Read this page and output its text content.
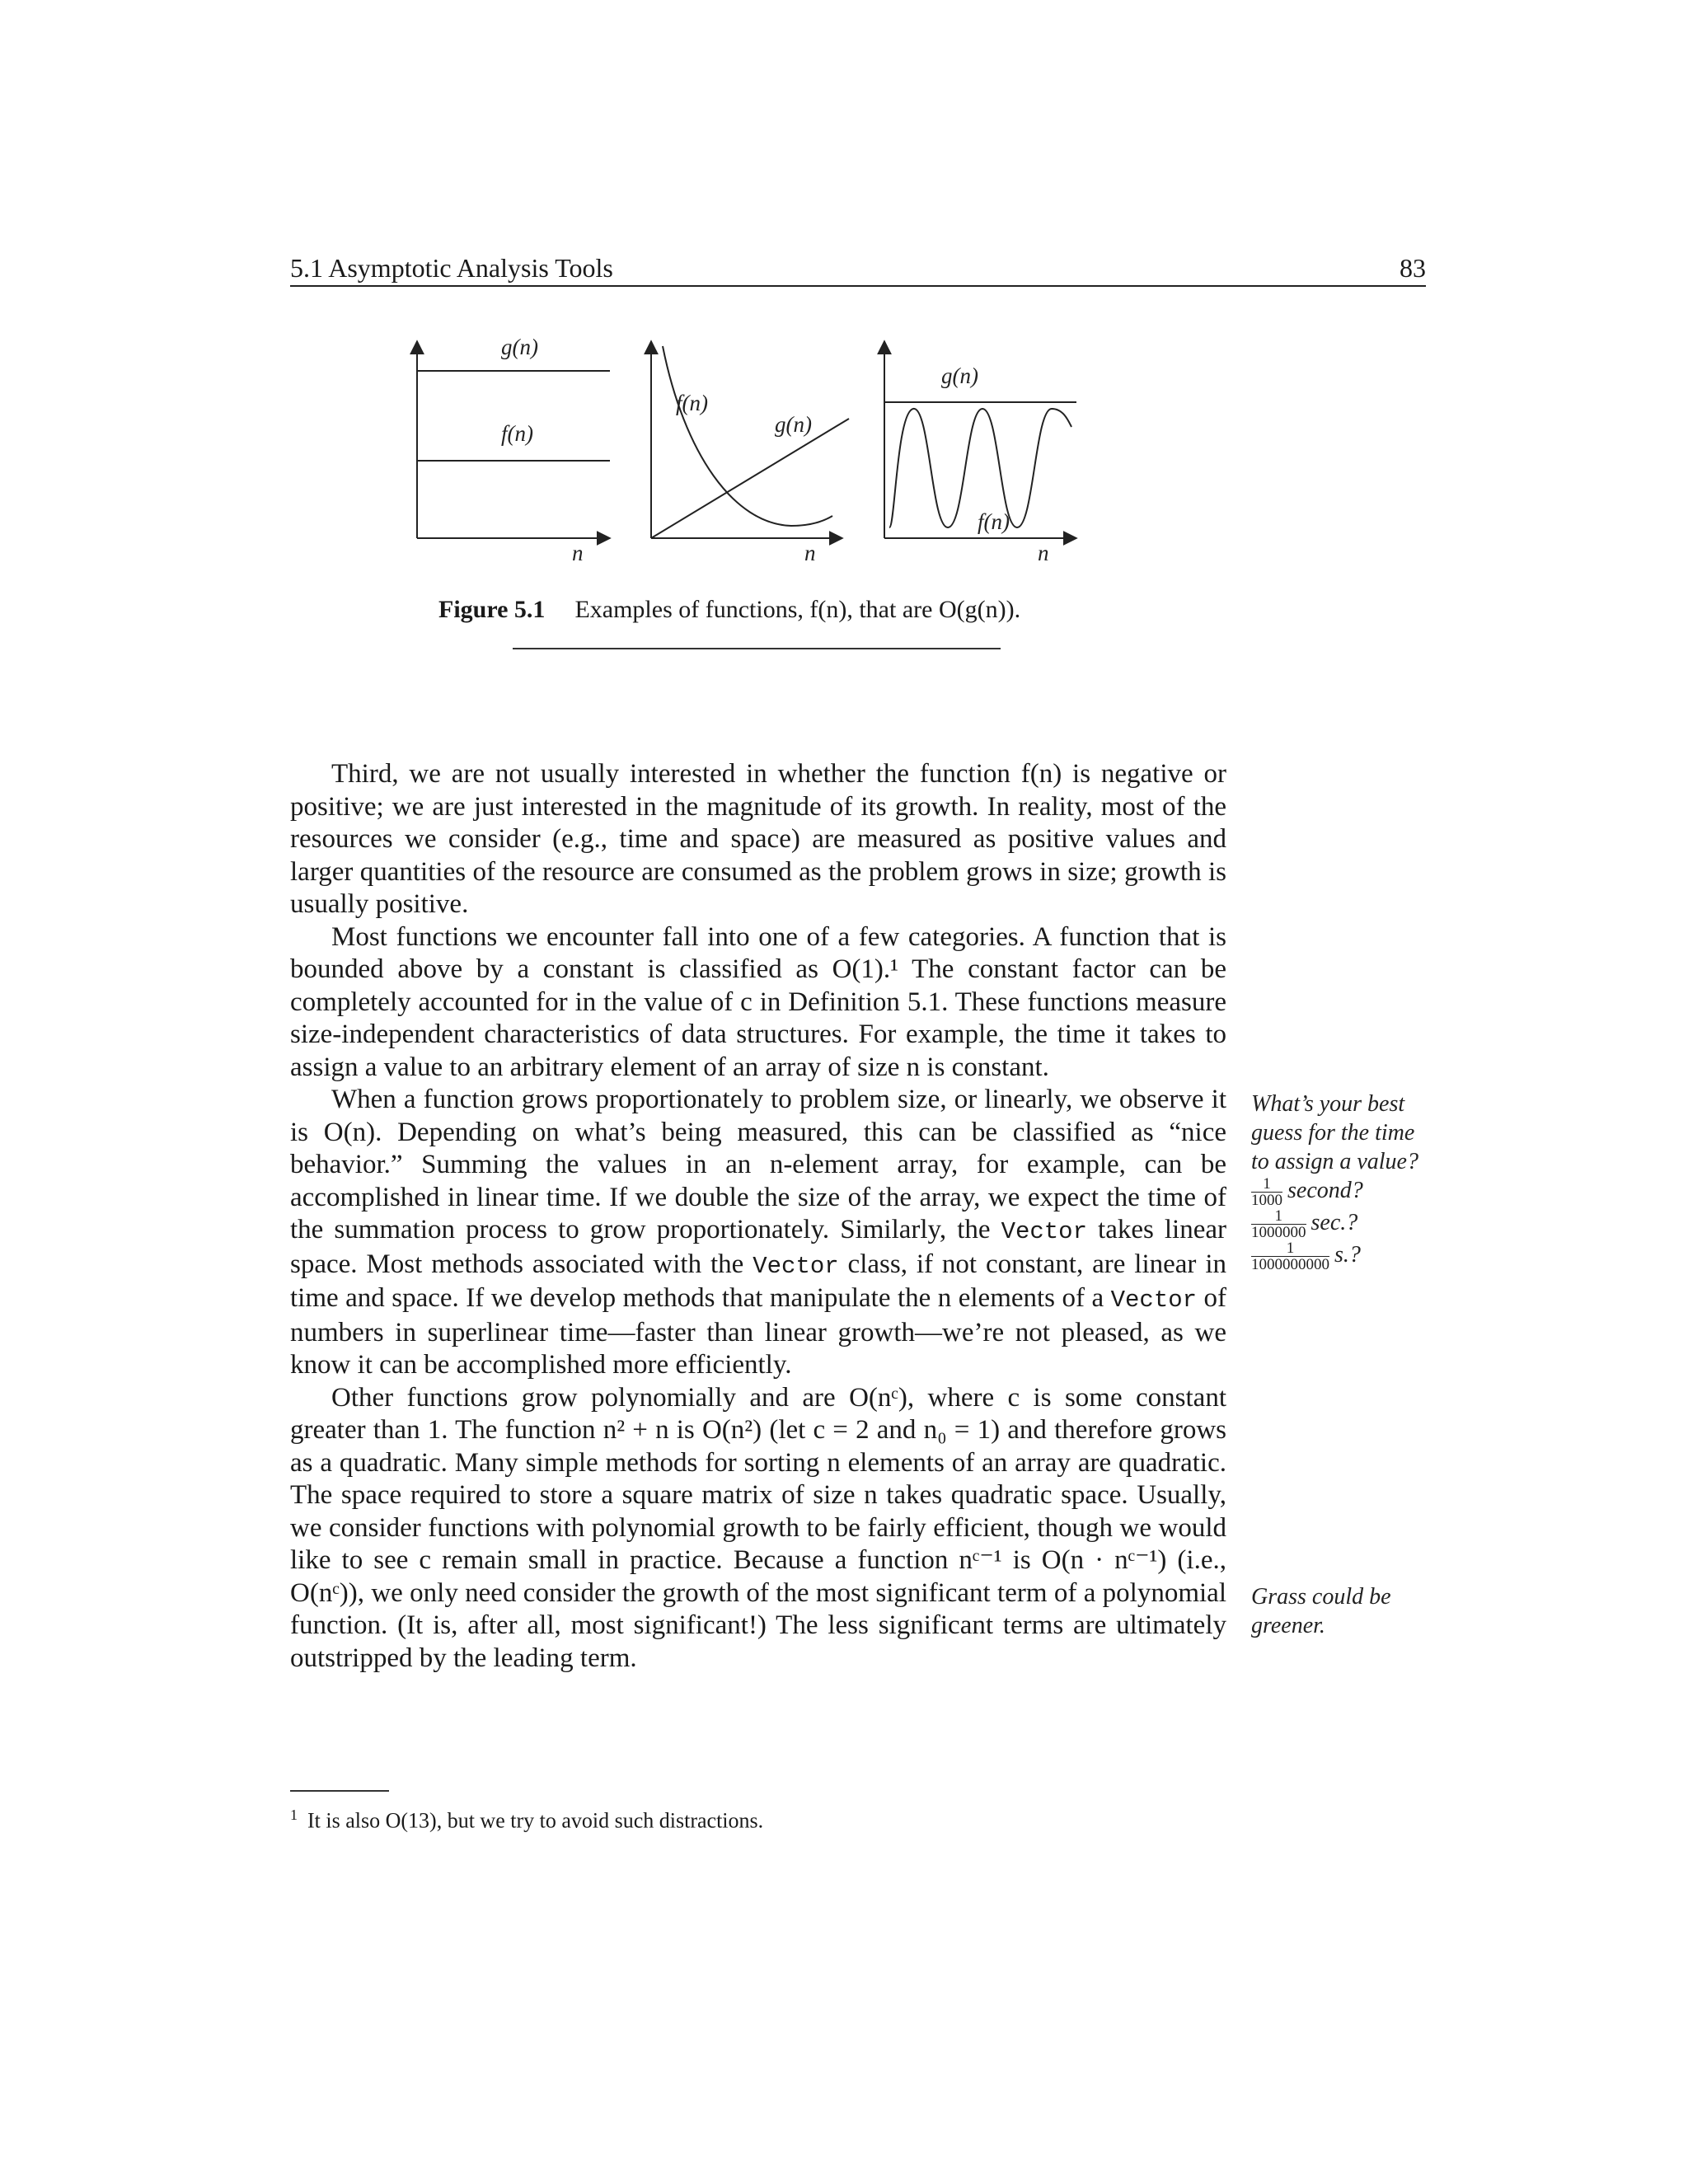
5.1 Asymptotic Analysis Tools	83
g(n)
f(n)
n
f(n)
g(n)
n
g(n)
f(n)
n
Figure 5.1 Examples of functions, f(n), that are O(g(n)).

Third, we are not usually interested in whether the function f(n) is negative or positive; we are just interested in the magnitude of its growth. In reality, most of the resources we consider (e.g., time and space) are measured as positive values and larger quantities of the resource are consumed as the problem grows in size; growth is usually positive.

Most functions we encounter fall into one of a few categories. A function that is bounded above by a constant is classified as O(1).¹ The constant factor can be completely accounted for in the value of c in Definition 5.1. These functions measure size-independent characteristics of data structures. For example, the time it takes to assign a value to an arbitrary element of an array of size n is constant.

When a function grows proportionately to problem size, or linearly, we observe it is O(n). Depending on what’s being measured, this can be classified as “nice behavior.” Summing the values in an n-element array, for example, can be accomplished in linear time. If we double the size of the array, we expect the time of the summation process to grow proportionately. Similarly, the Vector takes linear space. Most methods associated with the Vector class, if not constant, are linear in time and space. If we develop methods that manipulate the n elements of a Vector of numbers in superlinear time—faster than linear growth—we’re not pleased, as we know it can be accomplished more efficiently.

Other functions grow polynomially and are O(nᶜ), where c is some constant greater than 1. The function n² + n is O(n²) (let c = 2 and n₀ = 1) and therefore grows as a quadratic. Many simple methods for sorting n elements of an array are quadratic. The space required to store a square matrix of size n takes quadratic space. Usually, we consider functions with polynomial growth to be fairly efficient, though we would like to see c remain small in practice. Because a function nᶜ⁻¹ is O(n · nᶜ⁻¹) (i.e., O(nᶜ)), we only need consider the growth of the most significant term of a polynomial function. (It is, after all, most significant!) The less significant terms are ultimately outstripped by the leading term.

What’s your best guess for the time to assign a value?
$\frac{1}{1000}$ second?
$\frac{1}{1000000} \sec$.?
$\frac{1}{1000000000} s$.?
Grass could be greener.
$^1$ It is also O(13), but we try to avoid such distractions.
